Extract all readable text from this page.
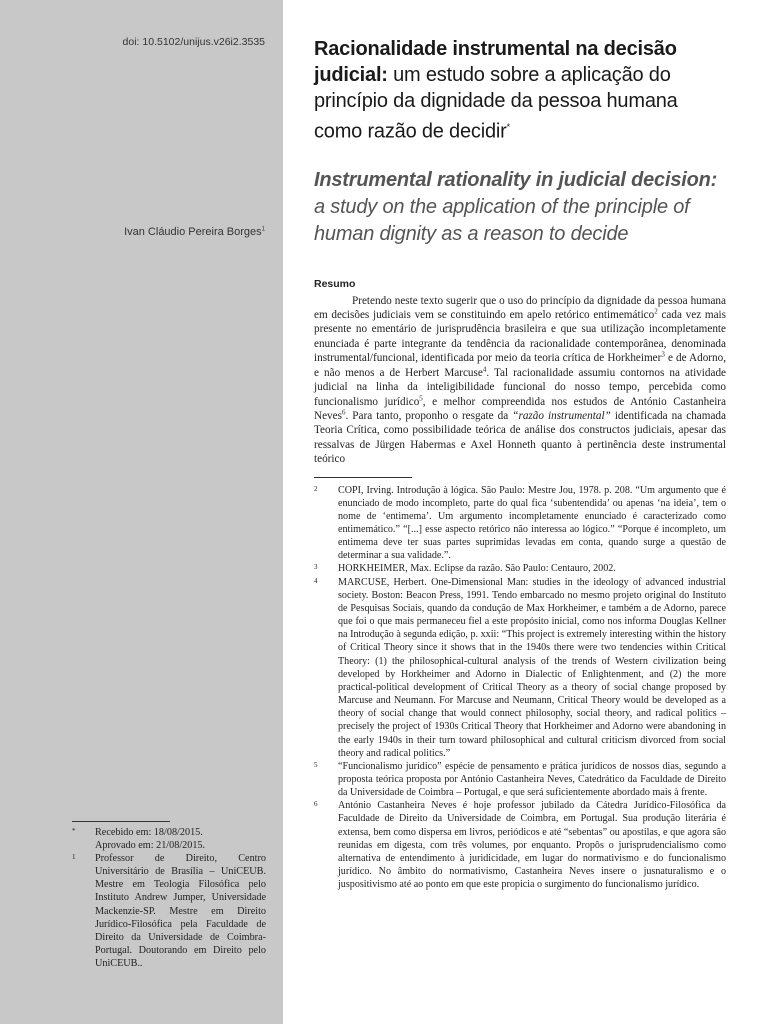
doi: 10.5102/unijus.v26i2.3535
Ivan Cláudio Pereira Borges$^1$
* Recebido em: 18/08/2015.
Aprovado em: 21/08/2015.
1 Professor de Direito, Centro Universitário de Brasília – UniCEUB. Mestre em Teologia Filosófica pelo Instituto Andrew Jumper, Universidade Mackenzie-SP. Mestre em Direito Jurídico-Filosófica pela Faculdade de Direito da Universidade de Coimbra-Portugal. Doutorando em Direito pelo UniCEUB..
Racionalidade instrumental na decisão judicial: um estudo sobre a aplicação do princípio da dignidade da pessoa humana como razão de decidir*
Instrumental rationality in judicial decision: a study on the application of the principle of human dignity as a reason to decide
Resumo

Pretendo neste texto sugerir que o uso do princípio da dignidade da pessoa humana em decisões judiciais vem se constituindo em apelo retórico entimemático$^2$ cada vez mais presente no ementário de jurisprudência brasileira e que sua utilização incompletamente enunciada é parte integrante da tendência da racionalidade contemporânea, denominada instrumental/funcional, identificada por meio da teoria crítica de Horkheimer$^3$ e de Adorno, e não menos a de Herbert Marcuse$^4$. Tal racionalidade assumiu contornos na atividade judicial na linha da inteligibilidade funcional do nosso tempo, percebida como funcionalismo jurídico$^5$, e melhor compreendida nos estudos de António Castanheira Neves$^6$. Para tanto, proponho o resgate da “razão instrumental” identificada na chamada Teoria Crítica, como possibilidade teórica de análise dos constructos judiciais, apesar das ressalvas de Jürgen Habermas e Axel Honneth quanto à pertinência deste instrumental teórico

2 COPI, Irving. Introdução à lógica. São Paulo: Mestre Jou, 1978. p. 208. “Um argumento que é enunciado de modo incompleto, parte do qual fica ‘subentendida’ ou apenas ‘na ideia’, tem o nome de ‘entimema’. Um argumento incompletamente enunciado é caracterizado como entimemático.” “[...] esse aspecto retórico não interessa ao lógico.” “Porque é incompleto, um entimema deve ter suas partes suprimidas levadas em conta, quando surge a questão de determinar a sua validade.”.
3 HORKHEIMER, Max. Eclipse da razão. São Paulo: Centauro, 2002.
4 MARCUSE, Herbert. One-Dimensional Man: studies in the ideology of advanced industrial society. Boston: Beacon Press, 1991. Tendo embarcado no mesmo projeto original do Instituto de Pesquisas Sociais, quando da condução de Max Horkheimer, e também a de Adorno, parece que foi o que mais permaneceu fiel a este propósito inicial, como nos informa Douglas Kellner na Introdução à segunda edição, p. xxii: “This project is extremely interesting within the history of Critical Theory since it shows that in the 1940s there were two tendencies within Critical Theory: (1) the philosophical-cultural analysis of the trends of Western civilization being developed by Horkheimer and Adorno in Dialectic of Enlightenment, and (2) the more practical-political development of Critical Theory as a theory of social change proposed by Marcuse and Neumann. For Marcuse and Neumann, Critical Theory would be developed as a theory of social change that would connect philosophy, social theory, and radical politics – precisely the project of 1930s Critical Theory that Horkheimer and Adorno were abandoning in the early 1940s in their turn toward philosophical and cultural criticism divorced from social theory and radical politics.”
5 “Funcionalismo jurídico” espécie de pensamento e prática jurídicos de nossos dias, segundo a proposta teórica proposta por António Castanheira Neves, Catedrático da Faculdade de Direito da Universidade de Coimbra – Portugal, e que será suficientemente abordado mais à frente.
6 António Castanheira Neves é hoje professor jubilado da Cátedra Jurídico-Filosófica da Faculdade de Direito da Universidade de Coimbra, em Portugal. Sua produção literária é extensa, bem como dispersa em livros, periódicos e até “sebentas” ou apostilas, e que agora são reunidas em digesta, com três volumes, por enquanto. Propôs o jurisprudencialismo como alternativa de entendimento à juridicidade, em lugar do normativismo e do funcionalismo jurídico. No âmbito do normativismo, Castanheira Neves insere o jusnaturalismo e o juspositivismo até ao ponto em que este propicia o surgimento do funcionalismo jurídico.
